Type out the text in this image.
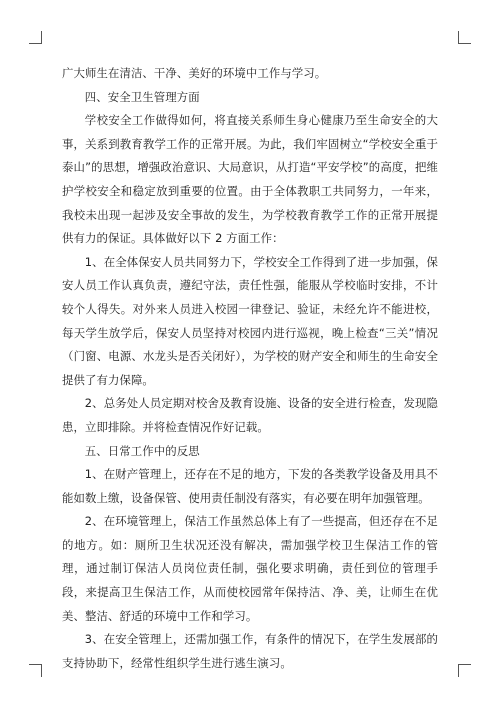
广大师生在清洁、干净、美好的环境中工作与学习。

四、安全卫生管理方面

学校安全工作做得如何，将直接关系师生身心健康乃至生命安全的大事，关系到教育教学工作的正常开展。为此，我们牢固树立“学校安全重于泰山”的思想，增强政治意识、大局意识，从打造“平安学校”的高度，把维护学校安全和稳定放到重要的位置。由于全体教职工共同努力，一年来，我校未出现一起涉及安全事故的发生，为学校教育教学工作的正常开展提供有力的保证。具体做好以下 2 方面工作：

1、在全体保安人员共同努力下，学校安全工作得到了进一步加强，保安人员工作认真负责，遵纪守法，责任性强，能服从学校临时安排，不计较个人得失。对外来人员进入校园一律登记、验证，未经允许不能进校，每天学生放学后，保安人员坚持对校园内进行巡视，晚上检查“三关”情况（门窗、电源、水龙头是否关闭好），为学校的财产安全和师生的生命安全提供了有力保障。

2、总务处人员定期对校舍及教育设施、设备的安全进行检查，发现隐患，立即排除。并将检查情况作好记载。

五、日常工作中的反思

1、在财产管理上，还存在不足的地方，下发的各类教学设备及用具不能如数上缴，设备保管、使用责任制没有落实，有必要在明年加强管理。

2、在环境管理上，保洁工作虽然总体上有了一些提高，但还存在不足的地方。如：厕所卫生状况还没有解决，需加强学校卫生保洁工作的管理，通过制订保洁人员岗位责任制，强化要求明确，责任到位的管理手段，来提高卫生保洁工作，从而使校园常年保持洁、净、美，让师生在优美、整洁、舒适的环境中工作和学习。

3、在安全管理上，还需加强工作，有条件的情况下，在学生发展部的支持协助下，经常性组织学生进行逃生演习。
